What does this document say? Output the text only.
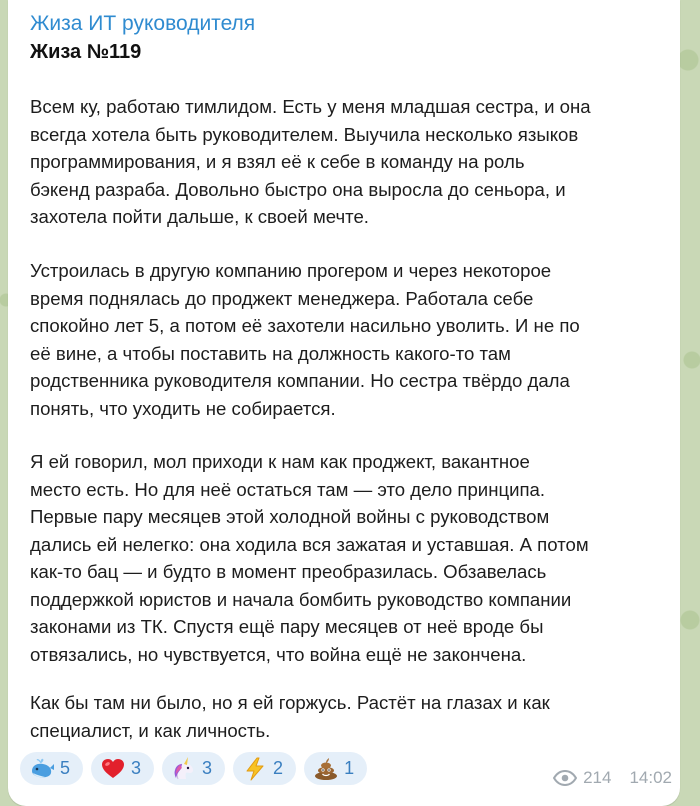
Жиза ИТ руководителя
Жиза №119

Всем ку, работаю тимлидом. Есть у меня младшая сестра, и она
всегда хотела быть руководителем. Выучила несколько языков
программирования, и я взял её к себе в команду на роль
бэкенд разраба. Довольно быстро она выросла до сеньора, и
захотела пойти дальше, к своей мечте.

Устроилась в другую компанию прогером и через некоторое
время поднялась до проджект менеджера. Работала себе
спокойно лет 5, а потом её захотели насильно уволить. И не по
её вине, а чтобы поставить на должность какого-то там
родственника руководителя компании. Но сестра твёрдо дала
понять, что уходить не собирается.

Я ей говорил, мол приходи к нам как проджект, вакантное
место есть. Но для неё остаться там — это дело принципа.
Первые пару месяцев этой холодной войны с руководством
дались ей нелегко: она ходила вся зажатая и уставшая. А потом
как-то бац — и будто в момент преобразилась. Обзавелась
поддержкой юристов и начала бомбить руководство компании
законами из ТК. Спустя ещё пару месяцев от неё вроде бы
отвязались, но чувствуется, что война ещё не закончена.

Как бы там ни было, но я ей горжусь. Растёт на глазах и как
специалист, и как личность.

5	3	3	2	1	214 14:02
